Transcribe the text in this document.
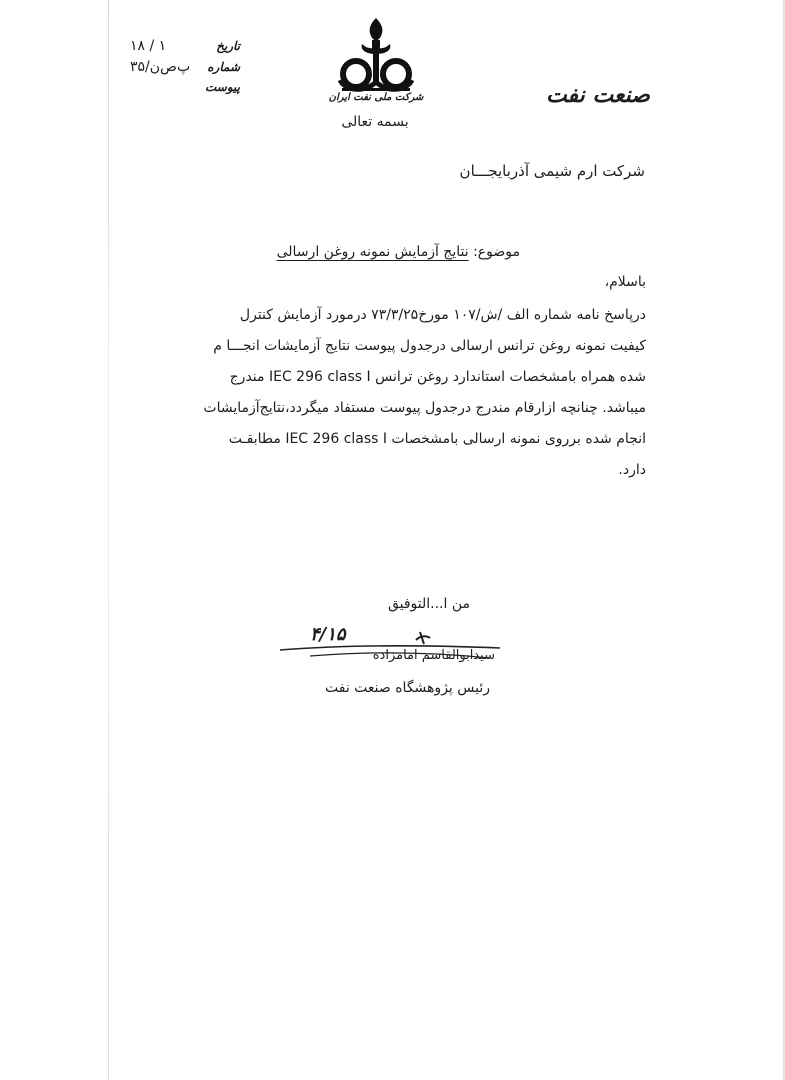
۱۸ / ۱	تاریخ
پ‌ص‌ن/۳۵ شماره
پیوست
شرکت ملی نفت ایران	صنعت نفت
بسمه تعالی
شرکت ارم شیمی آذربایجـــان
موضوع: نتایج آزمایش نمونه روغن ارسالی
باسلام،
درپاسخ نامه شماره الف /ش/۱۰۷ مورخ۷۳/۳/۲۵ درمورد آزمایش کنترل
کیفیت نمونه روغن ترانس ارسالی درجدول پیوست نتایج آزمایشات انجـــا م
شده همراه بامشخصات استاندارد روغن ترانس IEC 296 class I مندرج
میباشد. چنانچه ازارقام مندرج درجدول پیوست مستفاد میگردد،نتایج‌آزمایشات
انجام شده برروی نمونه ارسالی بامشخصات IEC 296 class I مطابقـت
دارد.
من ا...التوفیق
۴/۱۵
سیدابوالقاسم امامزاده
رئیس پژوهشگاه صنعت نفت
